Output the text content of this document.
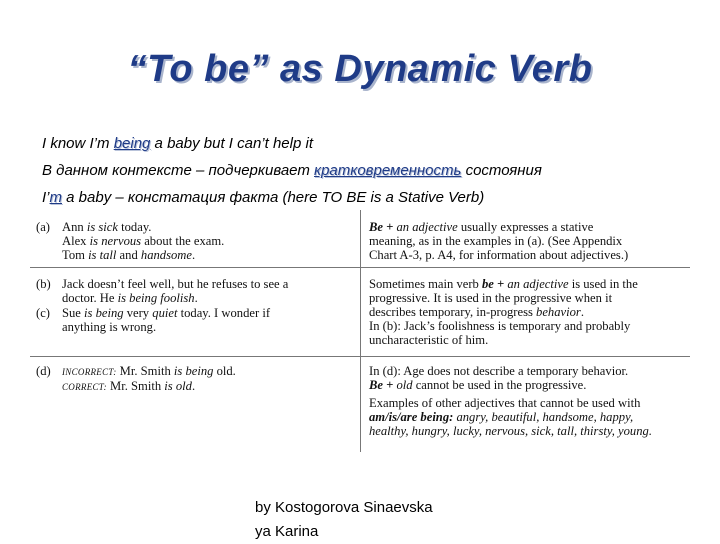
“To be” as Dynamic Verb
I know I’m being a baby but I can’t help it
В данном контексте – подчеркивает кратковременность состояния
I’m a baby – констатация факта (here TO BE is a Stative Verb)
(a) Ann is sick today.
Alex is nervous about the exam.
Tom is tall and handsome.
Be + an adjective usually expresses a stative
meaning, as in the examples in (a). (See Appendix
Chart A-3, p. A4, for information about adjectives.)
(b) Jack doesn’t feel well, but he refuses to see a
doctor. He is being foolish.
(c) Sue is being very quiet today. I wonder if
anything is wrong.
Sometimes main verb be + an adjective is used in the
progressive. It is used in the progressive when it
describes temporary, in-progress behavior.
In (b): Jack’s foolishness is temporary and probably
uncharacteristic of him.
(d)	INCORRECT: Mr. Smith is being old.
CORRECT: Mr. Smith is old.
In (d): Age does not describe a temporary behavior.
Be + old cannot be used in the progressive.
Examples of other adjectives that cannot be used with
am/is/are being: angry, beautiful, handsome, happy,
healthy, hungry, lucky, nervous, sick, tall, thirsty, young.
by Kostogorova Sinaevska
ya Karina
